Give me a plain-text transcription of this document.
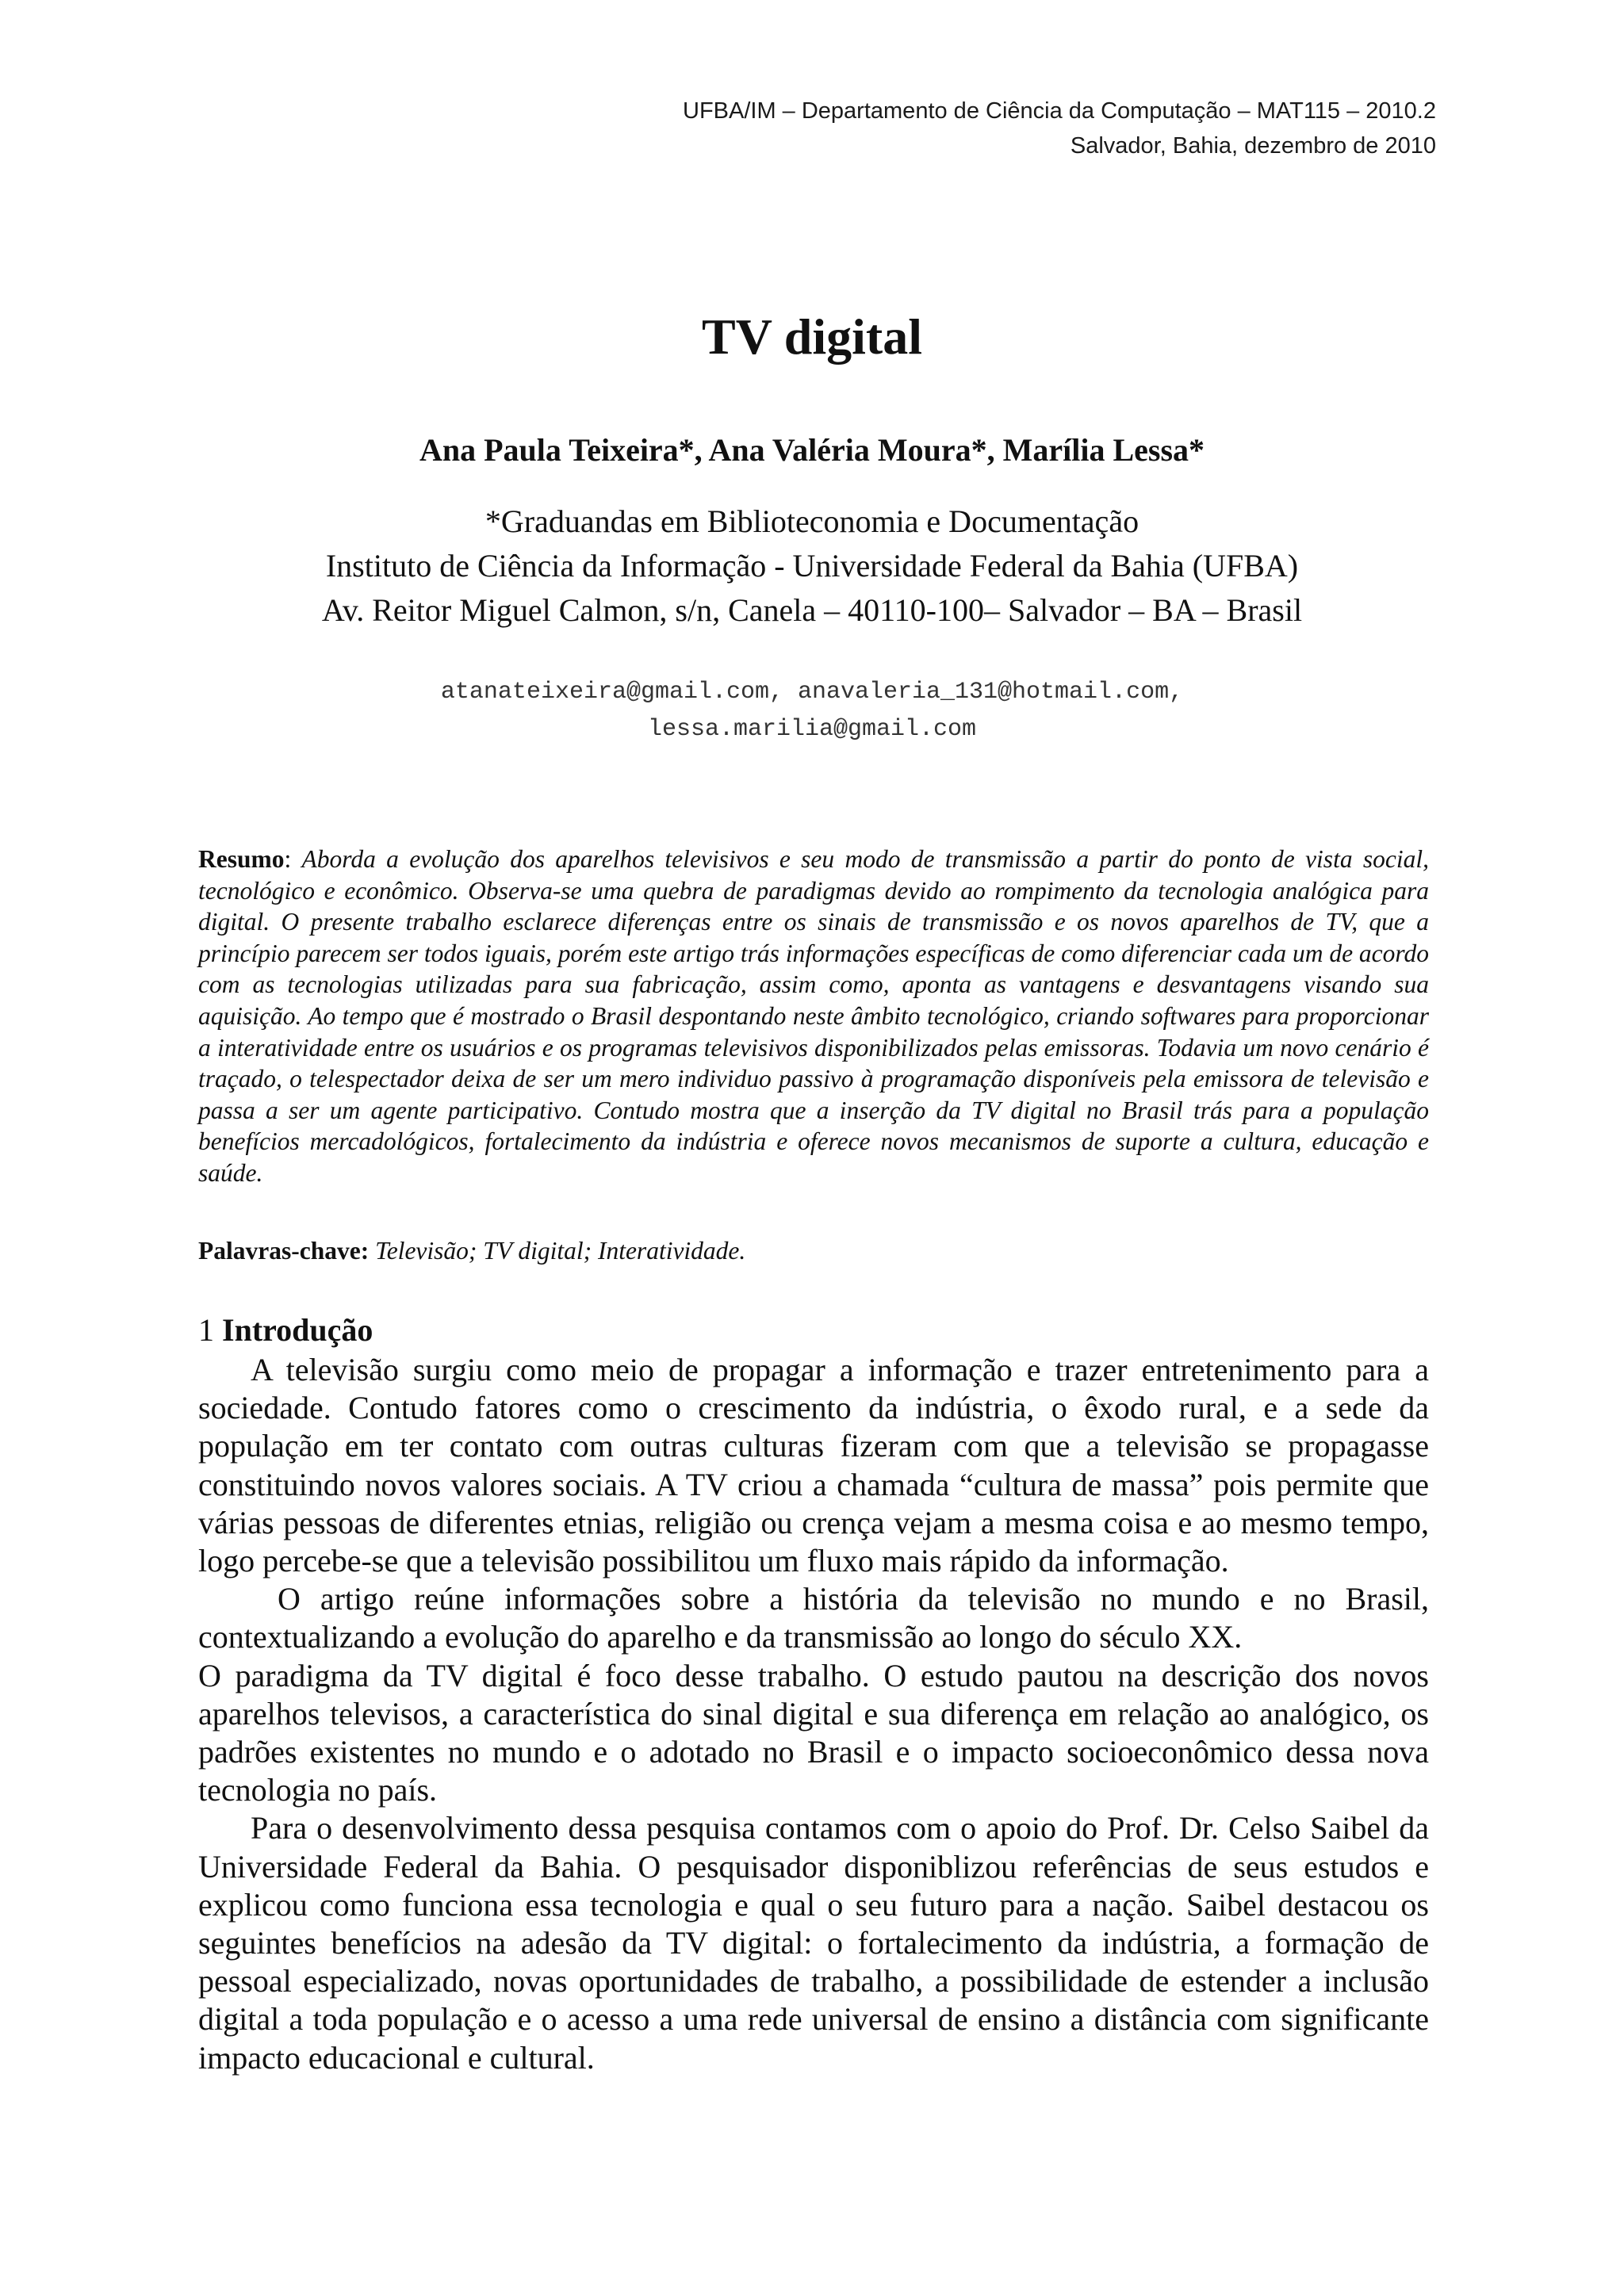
UFBA/IM – Departamento de Ciência da Computação – MAT115 – 2010.2
Salvador, Bahia, dezembro de 2010
TV digital
Ana Paula Teixeira*, Ana Valéria Moura*, Marília Lessa*
*Graduandas em Biblioteconomia e Documentação
Instituto de Ciência da Informação - Universidade Federal da Bahia (UFBA)
Av. Reitor Miguel Calmon, s/n, Canela – 40110-100– Salvador – BA – Brasil
atanateixeira@gmail.com, anavaleria_131@hotmail.com,
lessa.marilia@gmail.com
Resumo: Aborda a evolução dos aparelhos televisivos e seu modo de transmissão a partir do ponto de vista social, tecnológico e econômico. Observa-se uma quebra de paradigmas devido ao rompimento da tecnologia analógica para digital. O presente trabalho esclarece diferenças entre os sinais de transmissão e os novos aparelhos de TV, que a princípio parecem ser todos iguais, porém este artigo trás informações específicas de como diferenciar cada um de acordo com as tecnologias utilizadas para sua fabricação, assim como, aponta as vantagens e desvantagens visando sua aquisição. Ao tempo que é mostrado o Brasil despontando neste âmbito tecnológico, criando softwares para proporcionar a interatividade entre os usuários e os programas televisivos disponibilizados pelas emissoras. Todavia um novo cenário é traçado, o telespectador deixa de ser um mero individuo passivo à programação disponíveis pela emissora de televisão e passa a ser um agente participativo. Contudo mostra que a inserção da TV digital no Brasil trás para a população benefícios mercadológicos, fortalecimento da indústria e oferece novos mecanismos de suporte a cultura, educação e saúde.
Palavras-chave: Televisão; TV digital; Interatividade.
1 Introdução

A televisão surgiu como meio de propagar a informação e trazer entretenimento para a sociedade. Contudo fatores como o crescimento da indústria, o êxodo rural, e a sede da população em ter contato com outras culturas fizeram com que a televisão se propagasse constituindo novos valores sociais. A TV criou a chamada “cultura de massa” pois permite que várias pessoas de diferentes etnias, religião ou crença vejam a mesma coisa e ao mesmo tempo, logo percebe-se que a televisão possibilitou um fluxo mais rápido da informação.

O artigo reúne informações sobre a história da televisão no mundo e no Brasil, contextualizando a evolução do aparelho e da transmissão ao longo do século XX.

O paradigma da TV digital é foco desse trabalho. O estudo pautou na descrição dos novos aparelhos televisos, a característica do sinal digital e sua diferença em relação ao analógico, os padrões existentes no mundo e o adotado no Brasil e o impacto socioeconômico dessa nova tecnologia no país.

Para o desenvolvimento dessa pesquisa contamos com o apoio do Prof. Dr. Celso Saibel da Universidade Federal da Bahia. O pesquisador disponiblizou referências de seus estudos e explicou como funciona essa tecnologia e qual o seu futuro para a nação. Saibel destacou os seguintes benefícios na adesão da TV digital: o fortalecimento da indústria, a formação de pessoal especializado, novas oportunidades de trabalho, a possibilidade de estender a inclusão digital a toda população e o acesso a uma rede universal de ensino a distância com significante impacto educacional e cultural.
